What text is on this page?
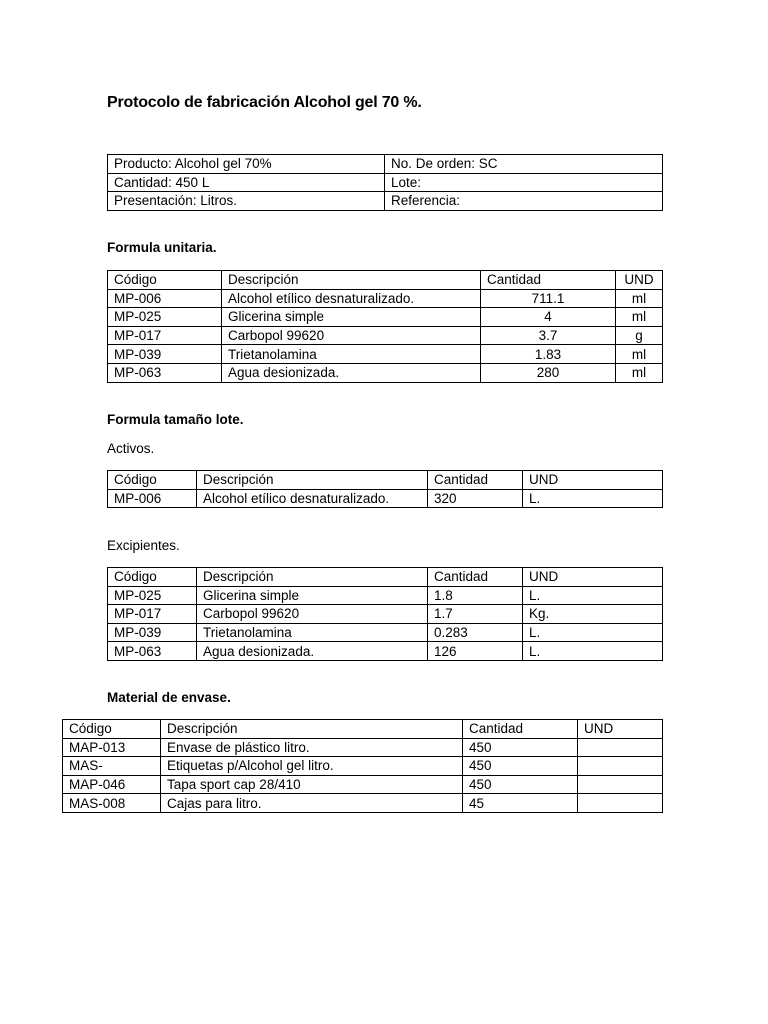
Protocolo de fabricación Alcohol gel 70 %.
Producto: Alcohol gel 70%	No. De orden: SC
Cantidad: 450 L	Lote:
Presentación: Litros.	Referencia:
Formula unitaria.
Código	Descripción	Cantidad	UND
MP-006	Alcohol etílico desnaturalizado.	711.1	ml
MP-025	Glicerina simple	4	ml
MP-017	Carbopol 99620	3.7	g
MP-039	Trietanolamina	1.83	ml
MP-063	Agua desionizada.	280	ml
Formula tamaño lote.
Activos.
Código	Descripción	Cantidad	UND
MP-006	Alcohol etílico desnaturalizado.	320	L.
Excipientes.
Código	Descripción	Cantidad	UND
MP-025	Glicerina simple	1.8	L.
MP-017	Carbopol 99620	1.7	Kg.
MP-039	Trietanolamina	0.283	L.
MP-063	Agua desionizada.	126	L.
Material de envase.
Código	Descripción	Cantidad	UND
MAP-013	Envase de plástico litro.	450	
MAS-	Etiquetas p/Alcohol gel litro.	450	
MAP-046	Tapa sport cap 28/410	450	
MAS-008	Cajas para litro.	45	
